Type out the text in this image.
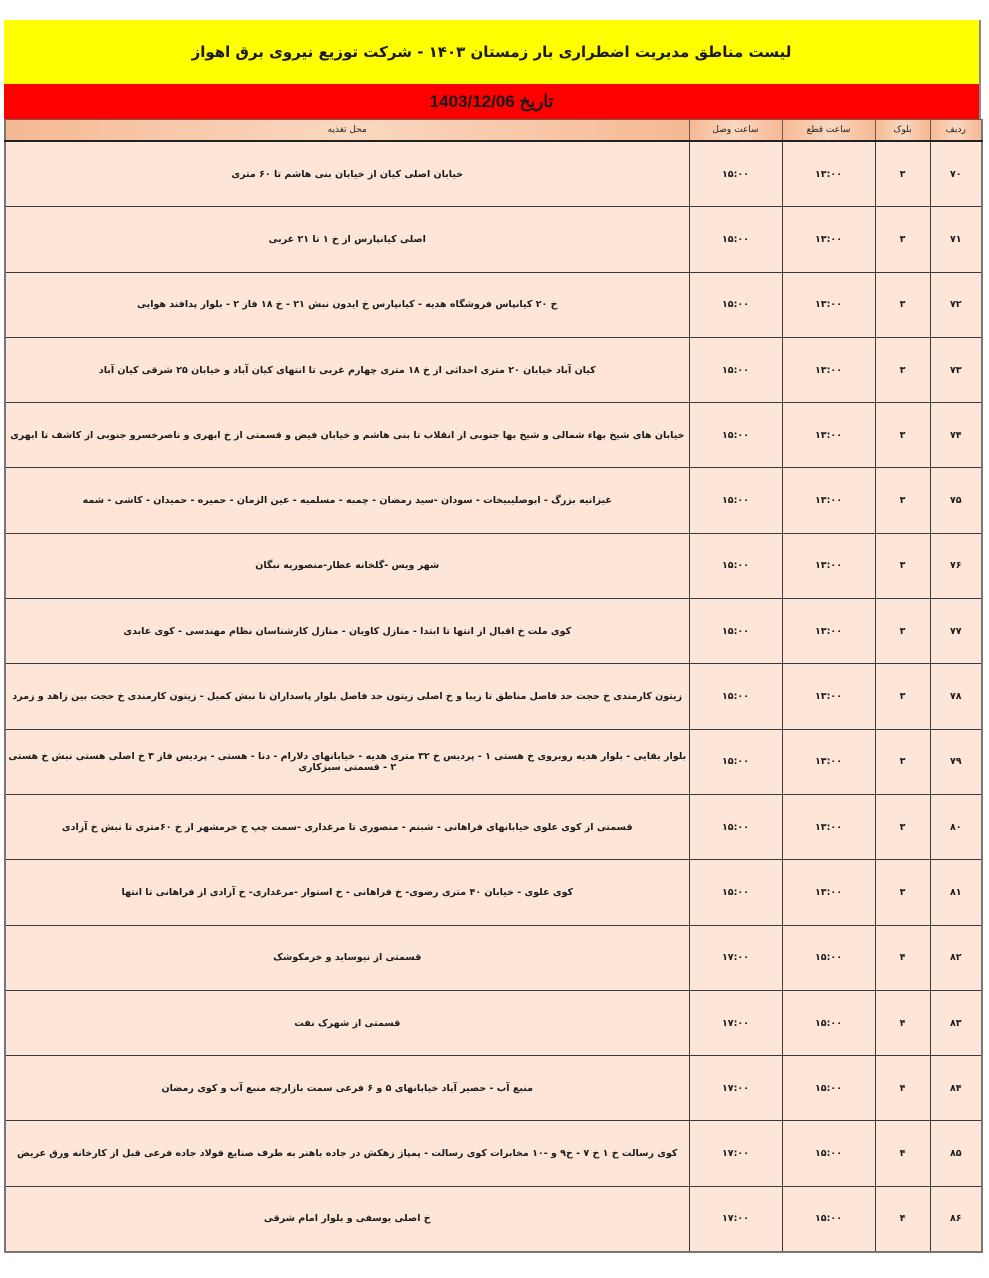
لیست مناطق مدیریت اضطراری بار زمستان ۱۴۰۳ - شرکت توزیع نیروی برق اهواز
تاریخ 1403/12/06
ردیف	بلوک	ساعت قطع	ساعت وصل	محل تغذیه
۷۰	۳	۱۳:۰۰	۱۵:۰۰	خیابان اصلی کیان از خیابان بنی هاشم تا ۶۰ متری
۷۱	۳	۱۳:۰۰	۱۵:۰۰	اصلی کیانپارس از خ ۱ تا ۲۱ غربی
۷۲	۳	۱۳:۰۰	۱۵:۰۰	خ ۲۰ کیانپاس فروشگاه هدیه - کیانپارس خ ایدون نبش ۲۱ - خ ۱۸ فاز ۲ - بلوار پدافند هوایی
۷۳	۳	۱۳:۰۰	۱۵:۰۰	کیان آباد خیابان ۲۰ متری احداثی از خ ۱۸ متری چهارم غربی تا انتهای کیان آباد و خیابان ۲۵ شرقی کیان آباد
۷۴	۳	۱۳:۰۰	۱۵:۰۰	خیابان های شیخ بهاء شمالی و شیخ بها جنوبی از انقلاب تا بنی هاشم و خیابان فیض و قسمتی از خ ابهری و ناصرخسرو جنوبی از کاشف تا ابهری
۷۵	۳	۱۳:۰۰	۱۵:۰۰	غیزانیه بزرگ - ابوصلیبیخات - سودان -سید رمضان - چمبه - مسلمیه - عین الزمان - حمیره - حمیدان - کاشی - شمه
۷۶	۳	۱۳:۰۰	۱۵:۰۰	شهر ویس -گلخانه عطار-منصوریه نبگان
۷۷	۳	۱۳:۰۰	۱۵:۰۰	کوی ملت خ اقبال از انتها تا ابتدا - منازل کاویان - منازل کارشناسان نظام مهندسی - کوی عابدی
۷۸	۳	۱۳:۰۰	۱۵:۰۰	زیتون کارمندی خ حجت حد فاصل مناطق تا زیبا و خ اصلی زیتون حد فاصل بلوار پاسداران تا نبش کمیل - زیتون کارمندی خ حجت بین زاهد و زمرد
۷۹	۳	۱۳:۰۰	۱۵:۰۰	بلوار بقایی - بلوار هدیه روبروی خ هستی ۱ - پردیس خ ۳۲ متری هدیه - خیابانهای دلارام - دنا - هستی - پردیس فاز ۳ خ اصلی هستی نبش خ هستی ۲ - قسمتی سبزکاری
۸۰	۳	۱۳:۰۰	۱۵:۰۰	قسمتی از کوی علوی خیابانهای فراهانی - شبنم - منصوری تا مرغداری -سمت چپ ج خرمشهر از خ ۶۰متری تا نبش خ آزادی
۸۱	۳	۱۳:۰۰	۱۵:۰۰	کوی علوی - خیابان ۴۰ متری رضوی- خ فراهانی - خ استوار -مرغداری- خ آزادی از فراهانی تا انتها
۸۲	۴	۱۵:۰۰	۱۷:۰۰	قسمتی از نیوساید و خرمکوشک
۸۳	۴	۱۵:۰۰	۱۷:۰۰	قسمتی از شهرک نفت
۸۴	۴	۱۵:۰۰	۱۷:۰۰	منبع آب - حصیر آباد خیابانهای ۵ و ۶ فرعی سمت بازارچه منبع آب و کوی رمضان
۸۵	۴	۱۵:۰۰	۱۷:۰۰	کوی رسالت خ ۱ خ ۷ - خ۹ و -۱۰ مخابرات کوی رسالت - پمپاژ زهکش در جاده باهنر به طرف صنایع فولاد جاده فرعی قبل از کارخانه ورق عریض
۸۶	۴	۱۵:۰۰	۱۷:۰۰	خ اصلی یوسفی و بلوار امام شرقی
